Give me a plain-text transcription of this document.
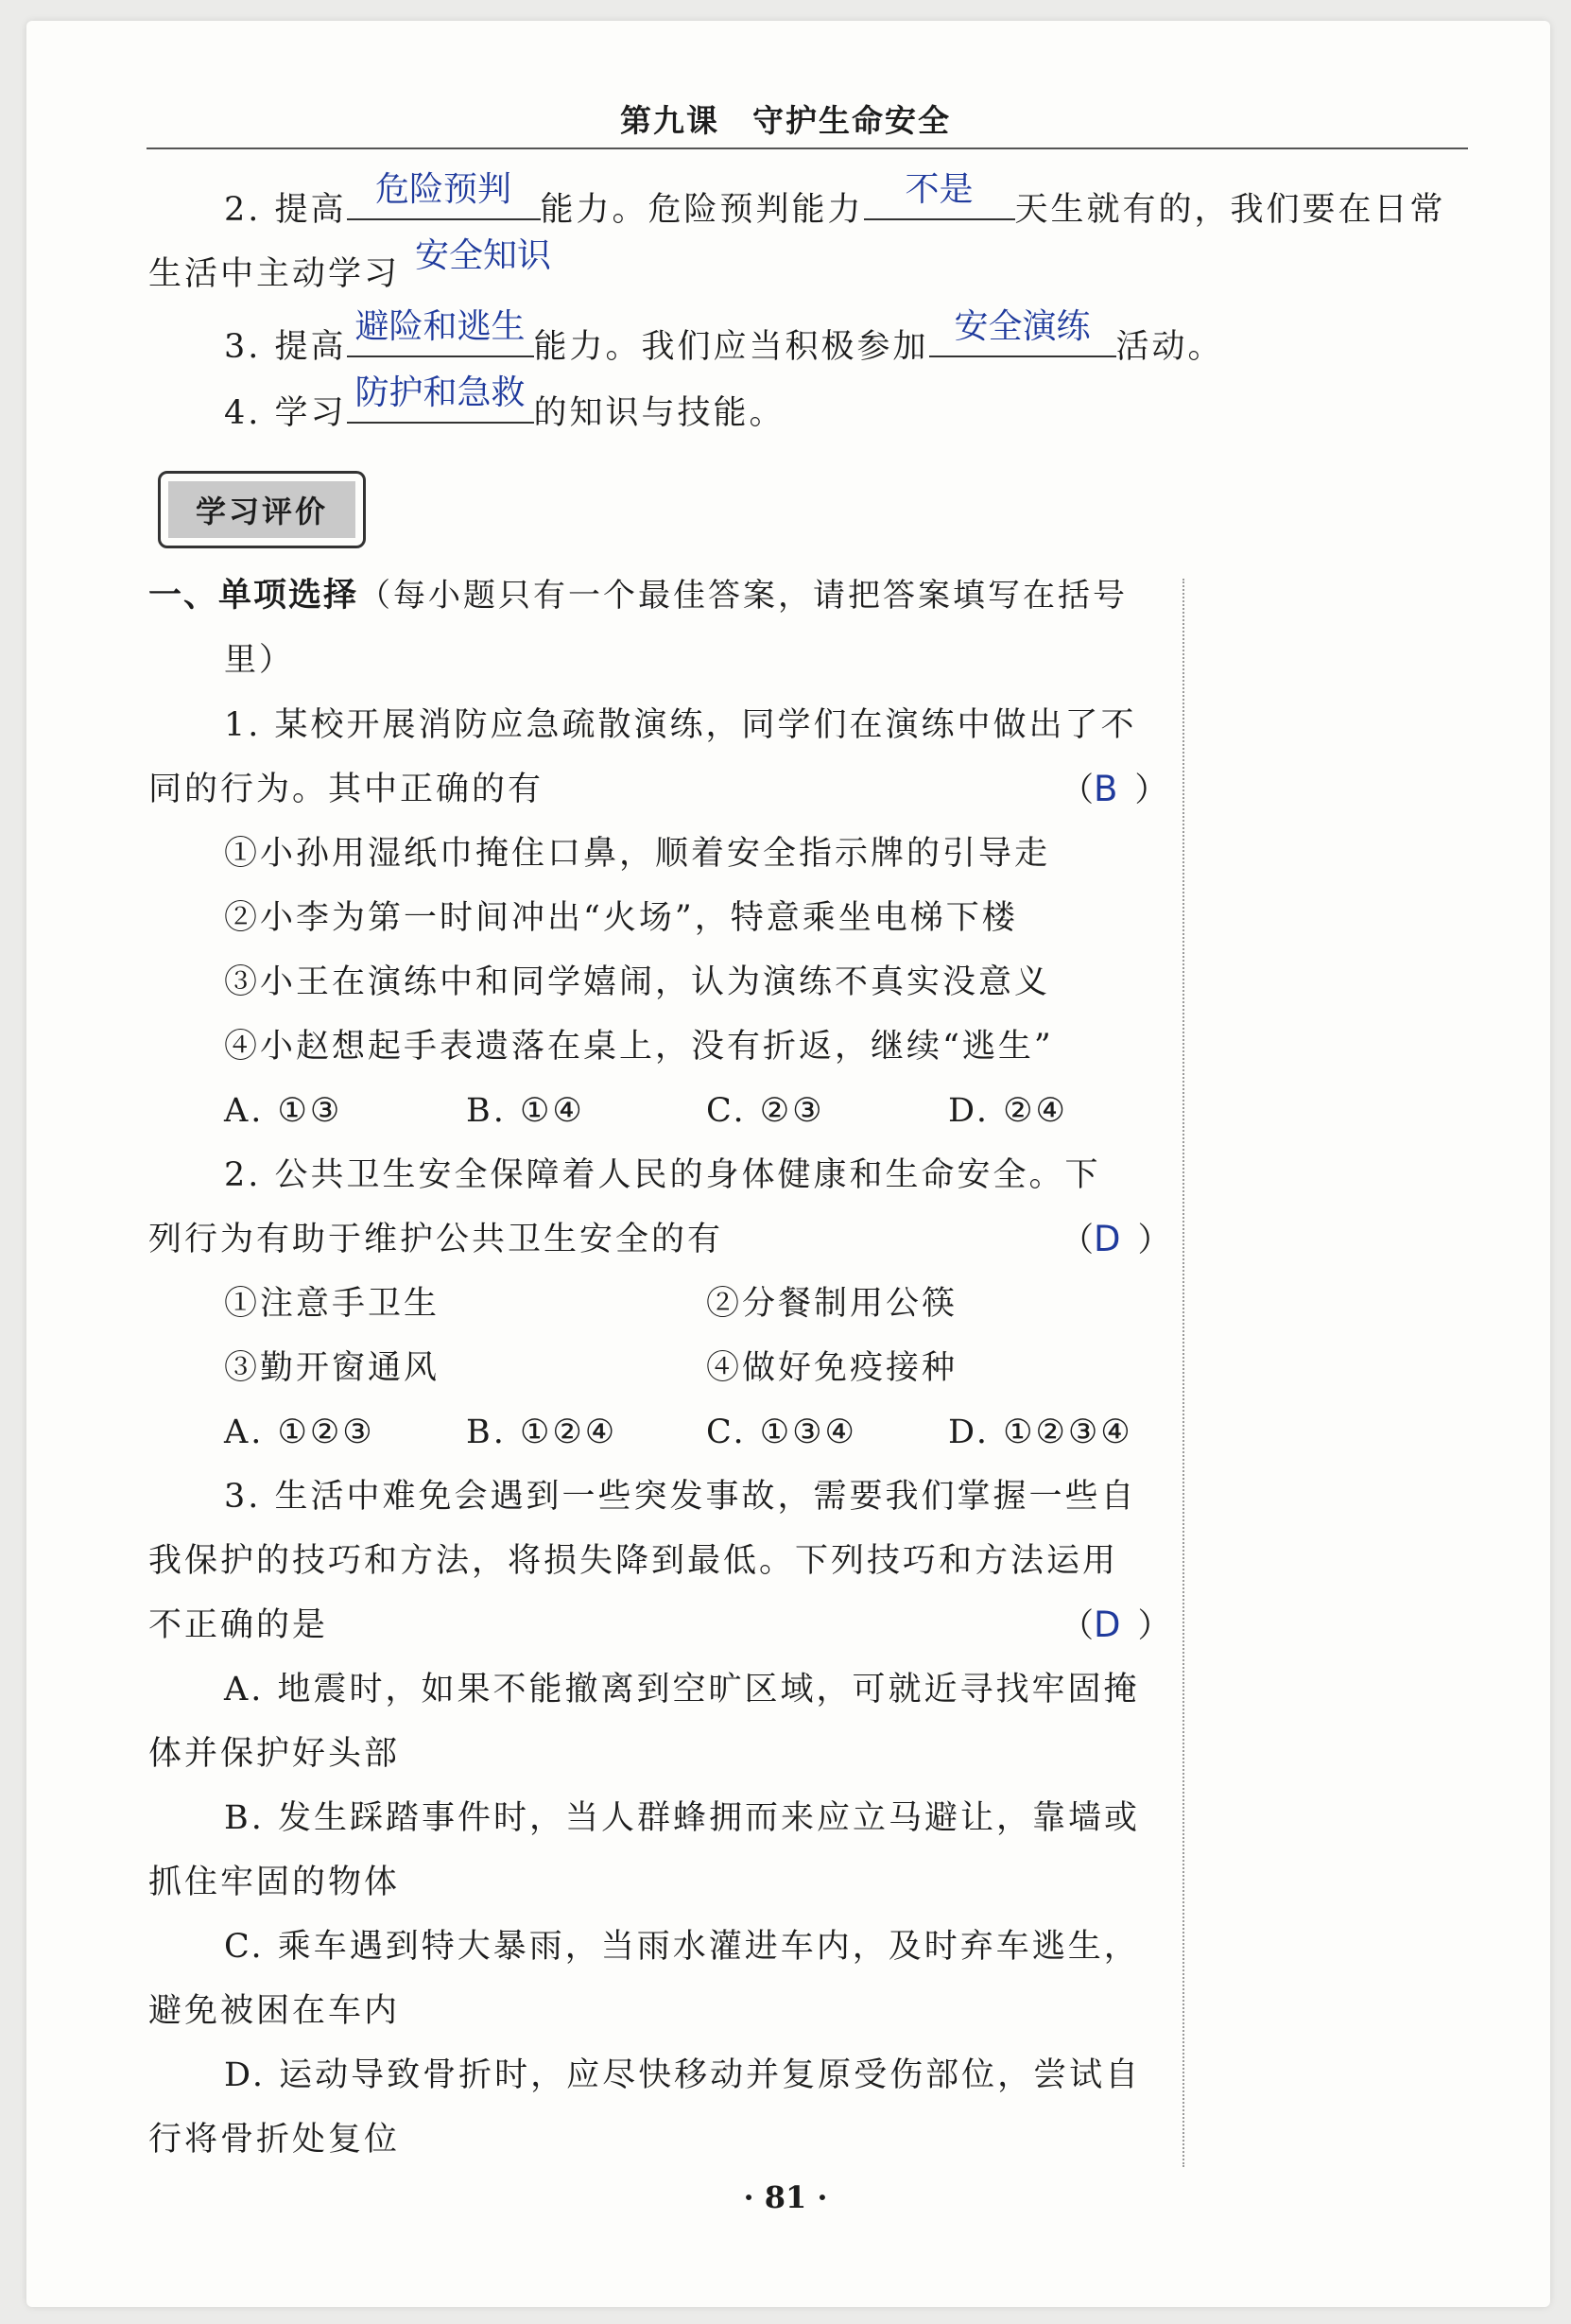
第九课　守护生命安全
2. 提高
危险预判
能力。危险预判能力
不是
天生就有的，我们要在日常
生活中主动学习 安全知识
3. 提高
避险和逃生
能力。我们应当积极参加
安全演练
活动。
4. 学习
防护和急救
的知识与技能。
学习评价
一、单项选择（每小题只有一个最佳答案，请把答案填写在括号
里）
1. 某校开展消防应急疏散演练，同学们在演练中做出了不
同的行为。其中正确的有	（B ）
①小孙用湿纸巾掩住口鼻，顺着安全指示牌的引导走
②小李为第一时间冲出“火场”，特意乘坐电梯下楼
③小王在演练中和同学嬉闹，认为演练不真实没意义
④小赵想起手表遗落在桌上，没有折返，继续“逃生”
A. ①③	B. ①④	C. ②③	D. ②④
2. 公共卫生安全保障着人民的身体健康和生命安全。下
列行为有助于维护公共卫生安全的有	（D ）
①注意手卫生	②分餐制用公筷
③勤开窗通风	④做好免疫接种
A. ①②③	B. ①②④	C. ①③④	D. ①②③④
3. 生活中难免会遇到一些突发事故，需要我们掌握一些自
我保护的技巧和方法，将损失降到最低。下列技巧和方法运用
不正确的是	（D ）
A. 地震时，如果不能撤离到空旷区域，可就近寻找牢固掩
体并保护好头部
B. 发生踩踏事件时，当人群蜂拥而来应立马避让，靠墙或
抓住牢固的物体
C. 乘车遇到特大暴雨，当雨水灌进车内，及时弃车逃生，
避免被困在车内
D. 运动导致骨折时，应尽快移动并复原受伤部位，尝试自
行将骨折处复位
· 81 ·
